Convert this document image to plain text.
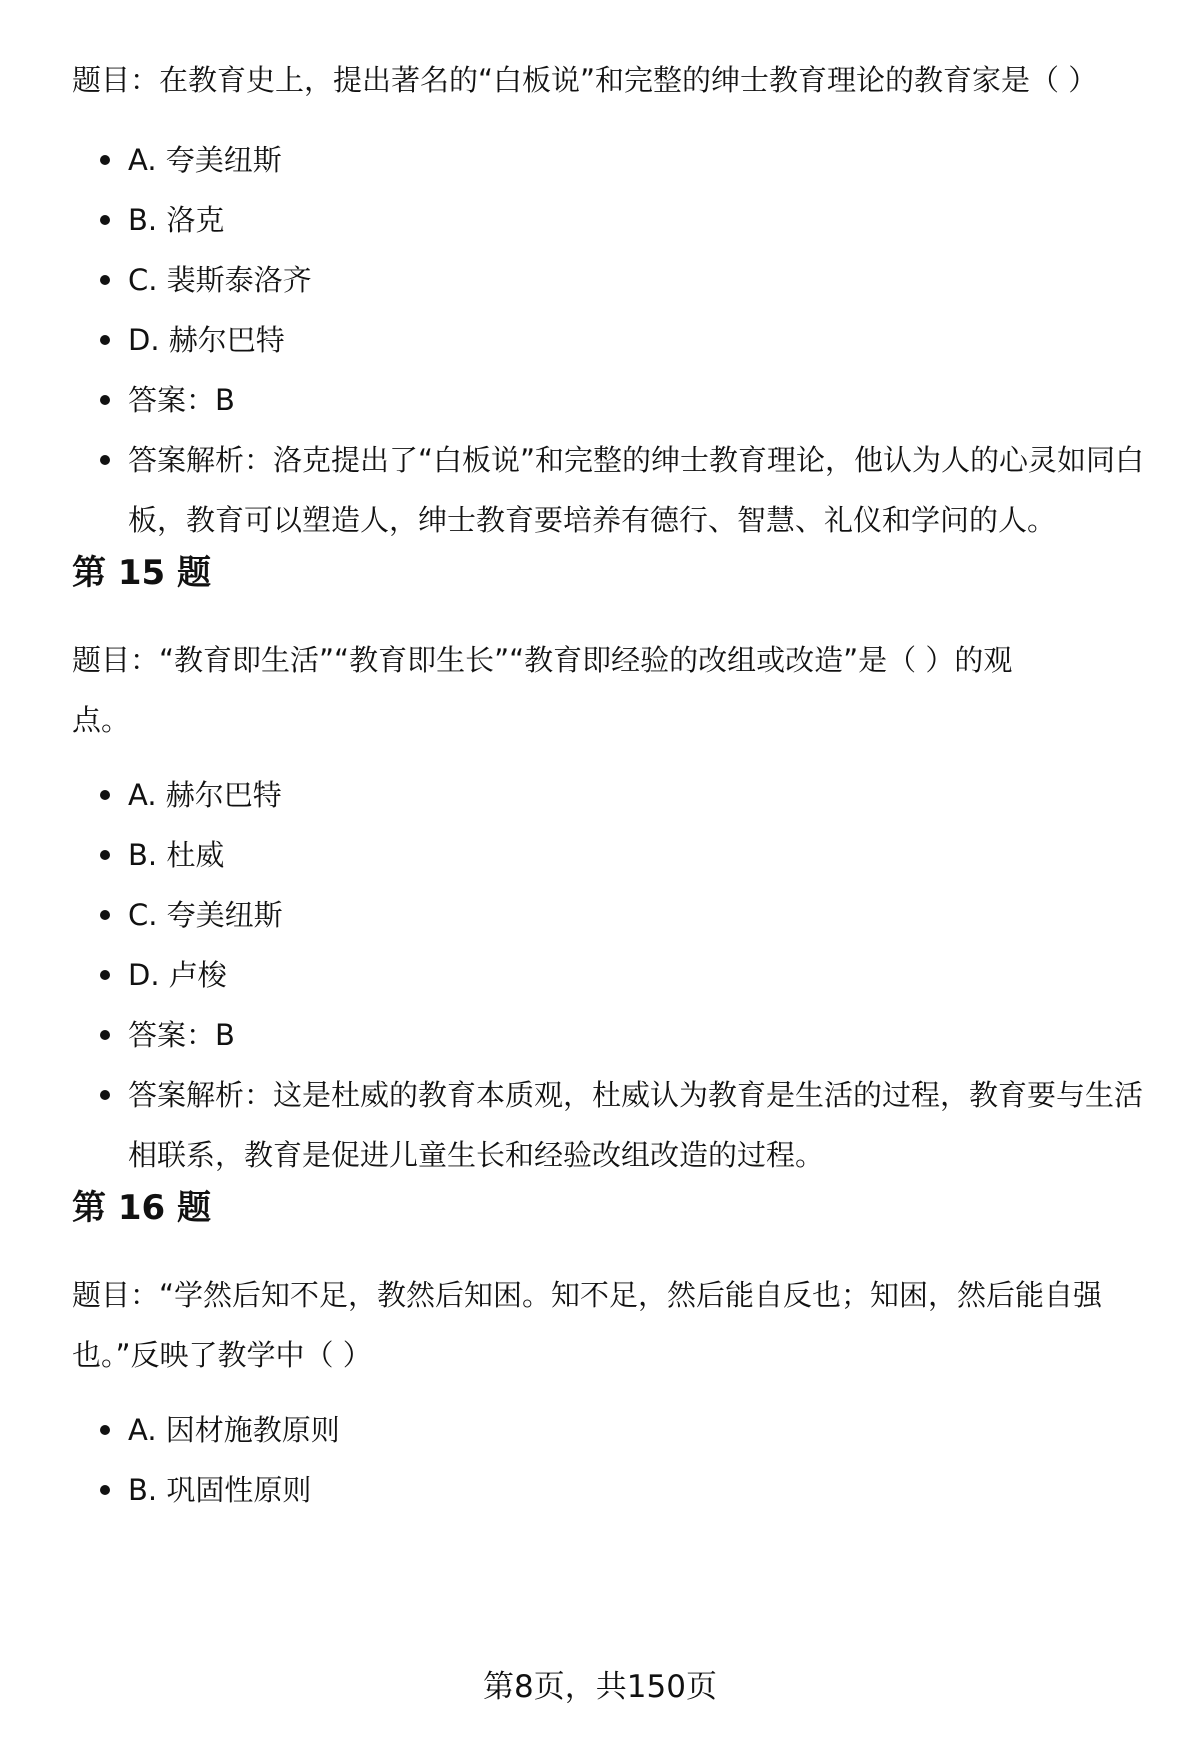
题目：在教育史上，提出著名的“白板说”和完整的绅士教育理论的教育家是（ ）

A. 夸美纽斯
B. 洛克
C. 裴斯泰洛齐
D. 赫尔巴特
答案：B
答案解析：洛克提出了“白板说”和完整的绅士教育理论，他认为人的心灵如同白板，教育可以塑造人，绅士教育要培养有德行、智慧、礼仪和学问的人。
第 15 题

题目：“教育即生活”“教育即生长”“教育即经验的改组或改造”是（ ）的观点。

A. 赫尔巴特
B. 杜威
C. 夸美纽斯
D. 卢梭
答案：B
答案解析：这是杜威的教育本质观，杜威认为教育是生活的过程，教育要与生活相联系，教育是促进儿童生长和经验改组改造的过程。
第 16 题

题目：“学然后知不足，教然后知困。知不足，然后能自反也；知困，然后能自强也。”反映了教学中（ ）

A. 因材施教原则
B. 巩固性原则
第8页，共150页
